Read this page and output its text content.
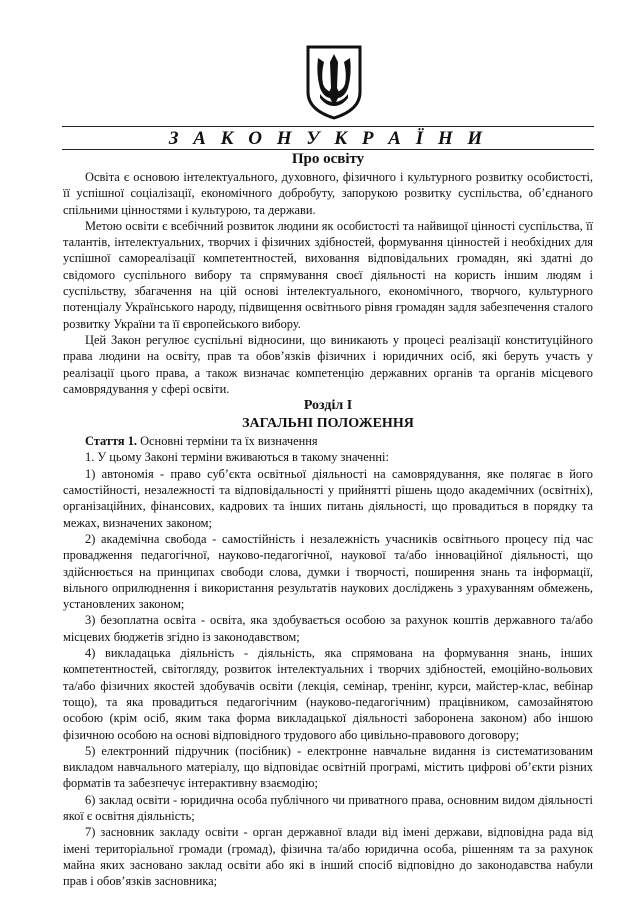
З А К О Н У К Р А Ї Н И

Про освіту

Освіта є основою інтелектуального, духовного, фізичного і культурного розвитку особистості, її успішної соціалізації, економічного добробуту, запорукою розвитку суспільства, об’єднаного спільними цінностями і культурою, та держави.

Метою освіти є всебічний розвиток людини як особистості та найвищої цінності суспільства, її талантів, інтелектуальних, творчих і фізичних здібностей, формування цінностей і необхідних для успішної самореалізації компетентностей, виховання відповідальних громадян, які здатні до свідомого суспільного вибору та спрямування своєї діяльності на користь іншим людям і суспільству, збагачення на цій основі інтелектуального, економічного, творчого, культурного потенціалу Українського народу, підвищення освітнього рівня громадян задля забезпечення сталого розвитку України та її європейського вибору.

Цей Закон регулює суспільні відносини, що виникають у процесі реалізації конституційного права людини на освіту, прав та обов’язків фізичних і юридичних осіб, які беруть участь у реалізації цього права, а також визначає компетенцію державних органів та органів місцевого самоврядування у сфері освіти.

Розділ I

ЗАГАЛЬНІ ПОЛОЖЕННЯ

Стаття 1. Основні терміни та їх визначення

1. У цьому Законі терміни вживаються в такому значенні:

1) автономія - право суб’єкта освітньої діяльності на самоврядування, яке полягає в його самостійності, незалежності та відповідальності у прийнятті рішень щодо академічних (освітніх), організаційних, фінансових, кадрових та інших питань діяльності, що провадиться в порядку та межах, визначених законом;

2) академічна свобода - самостійність і незалежність учасників освітнього процесу під час провадження педагогічної, науково-педагогічної, наукової та/або інноваційної діяльності, що здійснюється на принципах свободи слова, думки і творчості, поширення знань та інформації, вільного оприлюднення і використання результатів наукових досліджень з урахуванням обмежень, установлених законом;

3) безоплатна освіта - освіта, яка здобувається особою за рахунок коштів державного та/або місцевих бюджетів згідно із законодавством;

4) викладацька діяльність - діяльність, яка спрямована на формування знань, інших компетентностей, світогляду, розвиток інтелектуальних і творчих здібностей, емоційно-вольових та/або фізичних якостей здобувачів освіти (лекція, семінар, тренінг, курси, майстер-клас, вебінар тощо), та яка провадиться педагогічним (науково-педагогічним) працівником, самозайнятою особою (крім осіб, яким така форма викладацької діяльності заборонена законом) або іншою фізичною особою на основі відповідного трудового або цивільно-правового договору;

5) електронний підручник (посібник) - електронне навчальне видання із систематизованим викладом навчального матеріалу, що відповідає освітній програмі, містить цифрові об’єкти різних форматів та забезпечує інтерактивну взаємодію;

6) заклад освіти - юридична особа публічного чи приватного права, основним видом діяльності якої є освітня діяльність;

7) засновник закладу освіти - орган державної влади від імені держави, відповідна рада від імені територіальної громади (громад), фізична та/або юридична особа, рішенням та за рахунок майна яких засновано заклад освіти або які в інший спосіб відповідно до законодавства набули прав і обов’язків засновника;
